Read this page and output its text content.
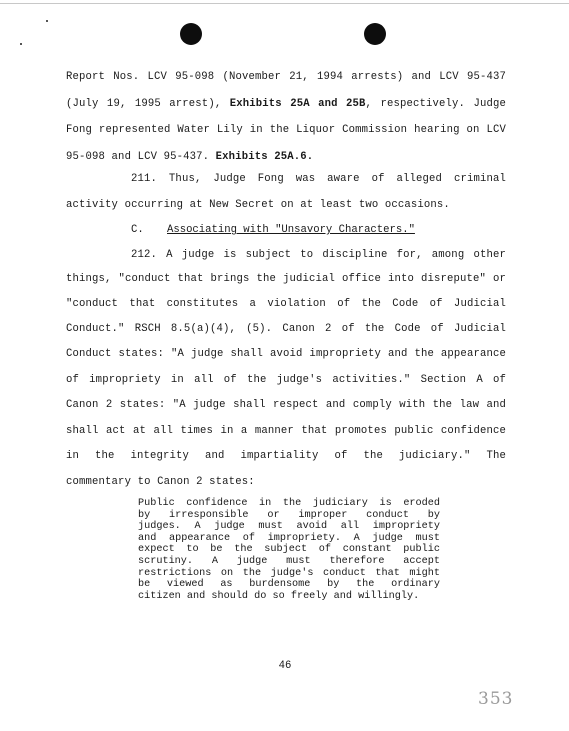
Report Nos. LCV 95-098 (November 21, 1994 arrests) and LCV 95-437
(July 19, 1995 arrest), Exhibits 25A and 25B, respectively. Judge
Fong represented Water Lily in the Liquor Commission hearing on LCV
95-098 and LCV 95-437. Exhibits 25A.6.
211. Thus, Judge Fong was aware of alleged criminal
activity occurring at New Secret on at least two occasions.
C. Associating with "Unsavory Characters."
212. A judge is subject to discipline for, among other
things, "conduct that brings the judicial office into disrepute" or
"conduct that constitutes a violation of the Code of Judicial
Conduct." RSCH 8.5(a)(4), (5). Canon 2 of the Code of Judicial
Conduct states: "A judge shall avoid impropriety and the appearance
of impropriety in all of the judge's activities." Section A of
Canon 2 states: "A judge shall respect and comply with the law and
shall act at all times in a manner that promotes public confidence
in the integrity and impartiality of the judiciary." The
commentary to Canon 2 states:
Public confidence in the judiciary is eroded
by irresponsible or improper conduct by
judges. A judge must avoid all impropriety
and appearance of impropriety. A judge must
expect to be the subject of constant public
scrutiny. A judge must therefore accept
restrictions on the judge's conduct that might
be viewed as burdensome by the ordinary
citizen and should do so freely and willingly.
46
353
